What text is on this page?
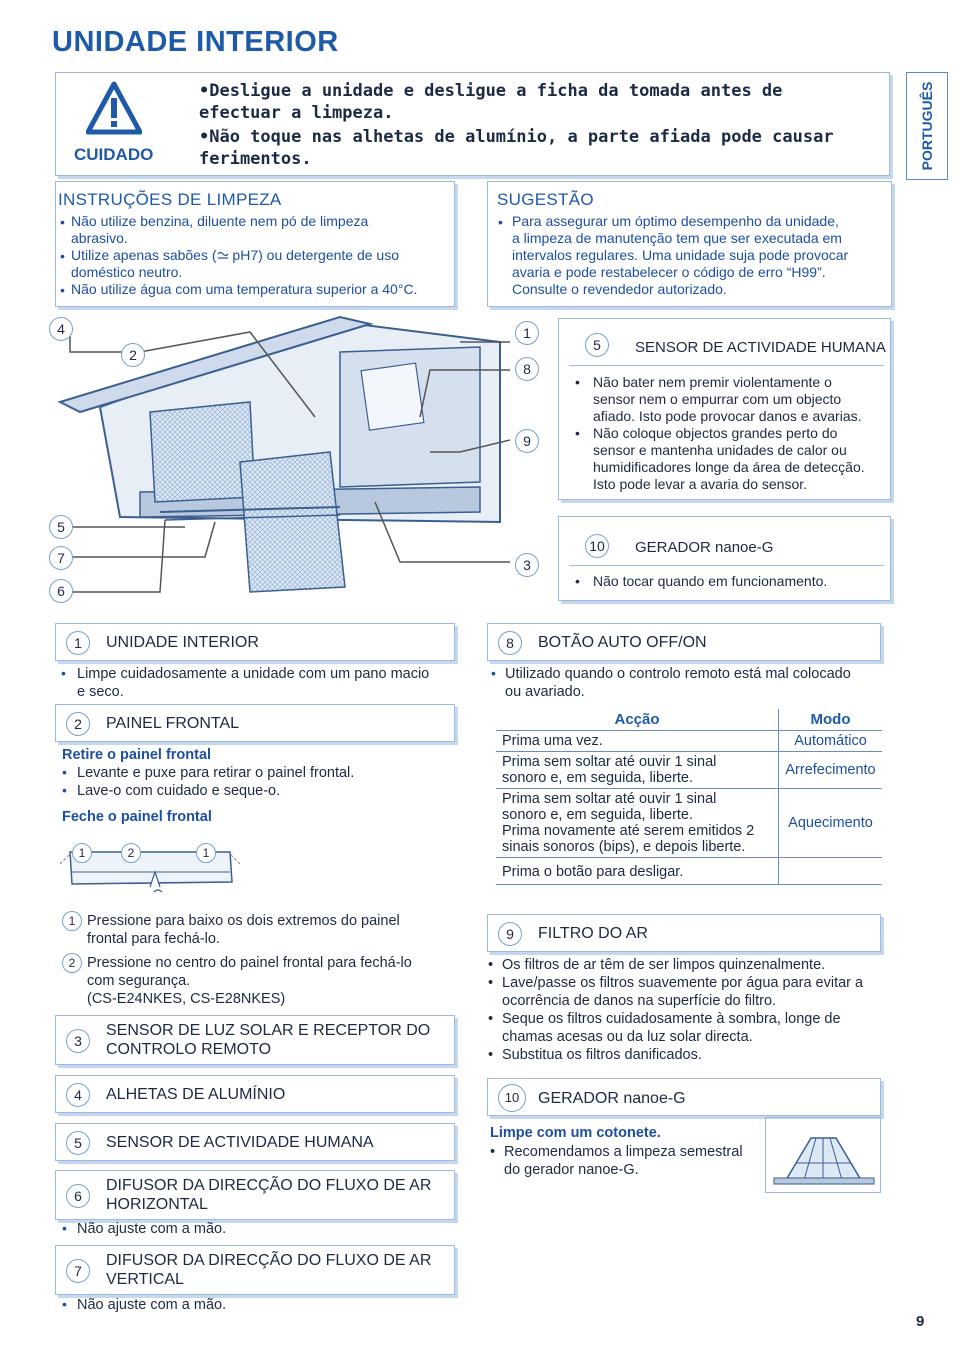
UNIDADE INTERIOR
PORTUGUÊS
CUIDADO
•Desligue a unidade e desligue a ficha da tomada antes de
efectuar a limpeza.
•Não toque nas alhetas de alumínio, a parte afiada pode causar
ferimentos.
INSTRUÇÕES DE LIMPEZA
• Não utilize benzina, diluente nem pó de limpeza
abrasivo.
• Utilize apenas sabões ( pH7) ou detergente de uso
doméstico neutro.
• Não utilize água com uma temperatura superior a 40°C.
SUGESTÃO
• Para assegurar um óptimo desempenho da unidade,
a limpeza de manutenção tem que ser executada em
intervalos regulares. Uma unidade suja pode provocar
avaria e pode restabelecer o código de erro “H99”.
Consulte o revendedor autorizado.
4
2
1
8
9
5
7
6
3
5	SENSOR DE ACTIVIDADE HUMANA
• Não bater nem premir violentamente o
sensor nem o empurrar com um objecto
afiado. Isto pode provocar danos e avarias.
• Não coloque objectos grandes perto do
sensor e mantenha unidades de calor ou
humidificadores longe da área de detecção.
Isto pode levar a avaria do sensor.
10 GERADOR nanoe-G
• Não tocar quando em funcionamento.
1	UNIDADE INTERIOR
• Limpe cuidadosamente a unidade com um pano macio
e seco.
2	PAINEL FRONTAL
Retire o painel frontal
• Levante e puxe para retirar o painel frontal.
• Lave-o com cuidado e seque-o.
Feche o painel frontal
1	2	1
1 Pressione para baixo os dois extremos do painel
frontal para fechá-lo.
2 Pressione no centro do painel frontal para fechá-lo
com segurança.
(CS-E24NKES, CS-E28NKES)
3
SENSOR DE LUZ SOLAR E RECEPTOR DO
CONTROLO REMOTO
4	ALHETAS DE ALUMÍNIO
5	SENSOR DE ACTIVIDADE HUMANA
6
DIFUSOR DA DIRECÇÃO DO FLUXO DE AR
HORIZONTAL
• Não ajuste com a mão.
7
DIFUSOR DA DIRECÇÃO DO FLUXO DE AR
VERTICAL
• Não ajuste com a mão.
8	BOTÃO AUTO OFF/ON
• Utilizado quando o controlo remoto está mal colocado
ou avariado.
Acção	Modo

Prima uma vez.	Automático

Prima sem soltar até ouvir 1 sinal
sonoro e, em seguida, liberte.	Arrefecimento

Prima sem soltar até ouvir 1 sinal
sonoro e, em seguida, liberte.
Prima novamente até serem emitidos 2
sinais sonoros (bips), e depois liberte.	Aquecimento

Prima o botão para desligar.	

9	FILTRO DO AR
• Os filtros de ar têm de ser limpos quinzenalmente.
• Lave/passe os filtros suavemente por água para evitar a
ocorrência de danos na superfície do filtro.
• Seque os filtros cuidadosamente à sombra, longe de
chamas acesas ou da luz solar directa.
• Substitua os filtros danificados.
10	GERADOR nanoe-G
Limpe com um cotonete.
• Recomendamos a limpeza semestral
do gerador nanoe-G.
9
